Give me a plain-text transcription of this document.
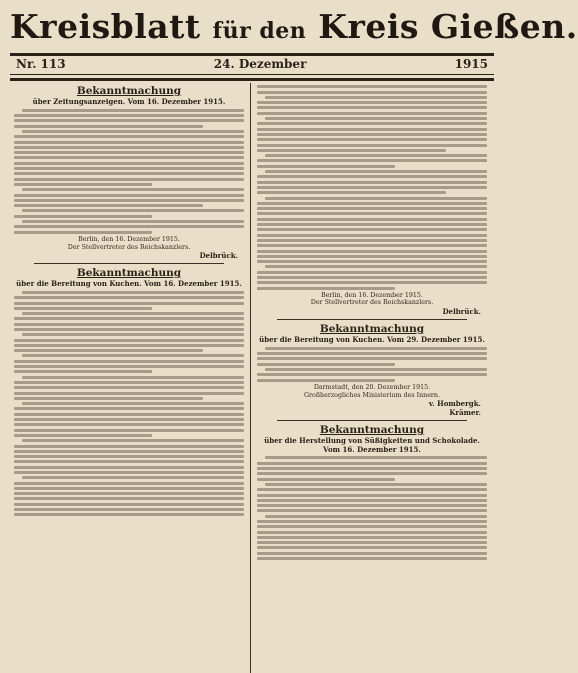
Kreisblatt für den Kreis Gießen.
Nr. 113	24. Dezember	1915
Bekanntmachung
über Zeitungsanzeigen. Vom 16. Dezember 1915.
Berlin, den 16. Dezember 1915.
Der Stellvertreter des Reichskanzlers.
Delbrück.
Bekanntmachung
über die Bereitung von Kuchen. Vom 16. Dezember 1915.
Berlin, den 16. Dezember 1915.
Der Stellvertreter des Reichskanzlers.
Delbrück.
Bekanntmachung
über die Bereitung von Kuchen. Vom 29. Dezember 1915.
Darmstadt, den 20. Dezember 1915.
Großherzogliches Ministerium des Innern.
v. Hombergk.
Krämer.
Bekanntmachung
über die Herstellung von Süßigkeiten und Schokolade. Vom 16. Dezember 1915.
